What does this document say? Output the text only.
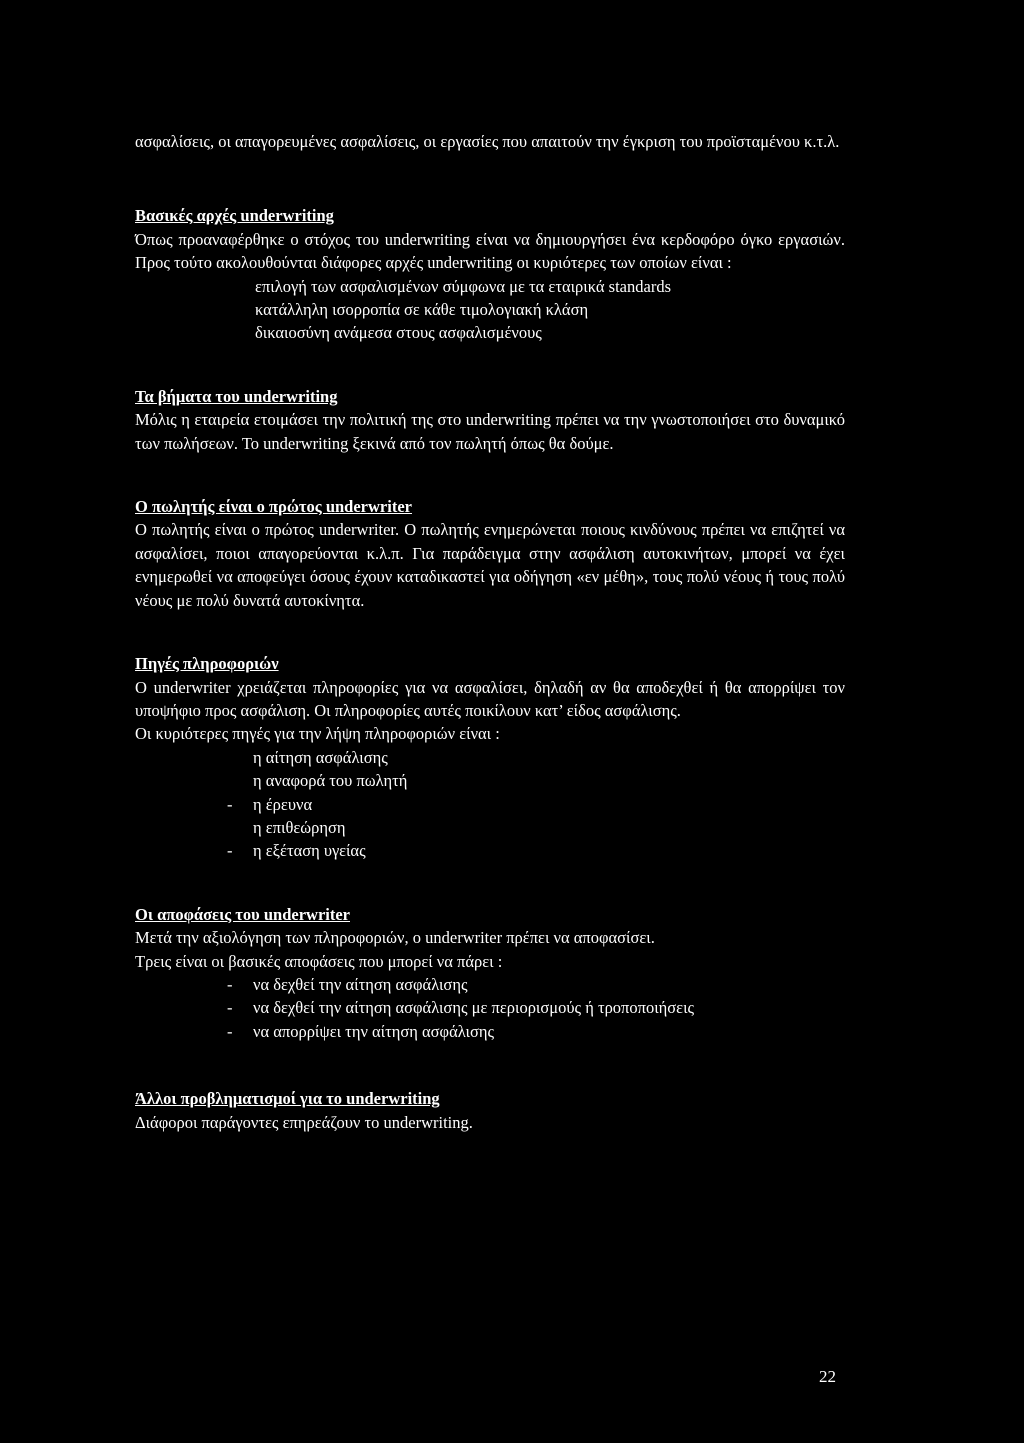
ασφαλίσεις, οι απαγορευμένες ασφαλίσεις, οι εργασίες που απαιτούν την έγκριση του προϊσταμένου κ.τ.λ.

Βασικές αρχές underwriting

Όπως προαναφέρθηκε ο στόχος του underwriting είναι να δημιουργήσει ένα κερδοφόρο όγκο εργασιών. Προς τούτο ακολουθούνται διάφορες αρχές underwriting οι κυριότερες των οποίων είναι :

επιλογή των ασφαλισμένων σύμφωνα με τα εταιρικά standards
κατάλληλη ισορροπία σε κάθε τιμολογιακή κλάση
δικαιοσύνη ανάμεσα στους ασφαλισμένους

Τα βήματα του underwriting

Μόλις η εταιρεία ετοιμάσει την πολιτική της στο underwriting πρέπει να την γνωστοποιήσει στο δυναμικό των πωλήσεων. Το underwriting ξεκινά από τον πωλητή όπως θα δούμε.

Ο πωλητής είναι ο πρώτος underwriter

Ο πωλητής είναι ο πρώτος underwriter. Ο πωλητής ενημερώνεται ποιους κινδύνους πρέπει να επιζητεί να ασφαλίσει, ποιοι απαγορεύονται κ.λ.π. Για παράδειγμα στην ασφάλιση αυτοκινήτων, μπορεί να έχει ενημερωθεί να αποφεύγει όσους έχουν καταδικαστεί για οδήγηση «εν μέθη», τους πολύ νέους ή τους πολύ νέους με πολύ δυνατά αυτοκίνητα.

Πηγές πληροφοριών

Ο underwriter χρειάζεται πληροφορίες για να ασφαλίσει, δηλαδή αν θα αποδεχθεί ή θα απορρίψει τον υποψήφιο προς ασφάλιση. Οι πληροφορίες αυτές ποικίλουν κατ’ είδος ασφάλισης.

Οι κυριότερες πηγές για την λήψη πληροφοριών είναι :

η αίτηση ασφάλισης
η αναφορά του πωλητή
- η έρευνα
η επιθεώρηση
- η εξέταση υγείας

Οι αποφάσεις του underwriter

Μετά την αξιολόγηση των πληροφοριών, ο underwriter πρέπει να αποφασίσει.

Τρεις είναι οι βασικές αποφάσεις που μπορεί να πάρει :

- να δεχθεί την αίτηση ασφάλισης
- να δεχθεί την αίτηση ασφάλισης με περιορισμούς ή τροποποιήσεις
- να απορρίψει την αίτηση ασφάλισης

Άλλοι προβληματισμοί για το underwriting

Διάφοροι παράγοντες επηρεάζουν το underwriting.

22
